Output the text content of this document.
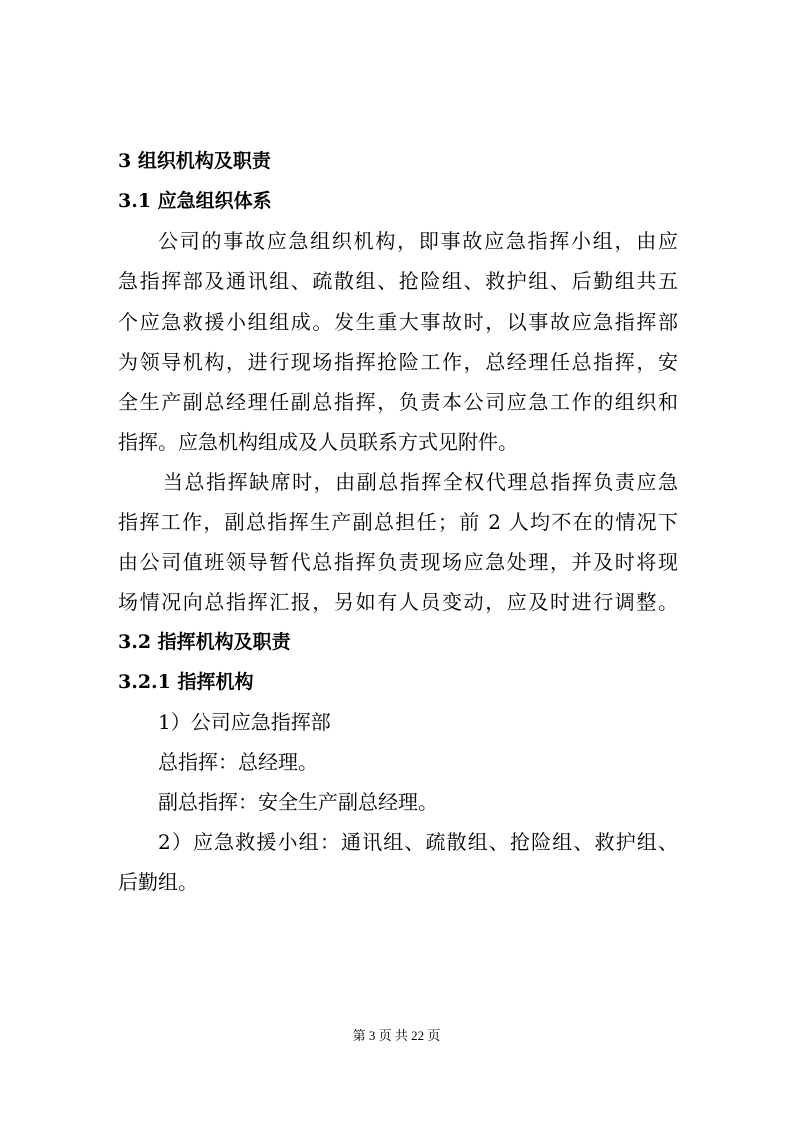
3 组织机构及职责
3.1 应急组织体系
公司的事故应急组织机构，即事故应急指挥小组，由应
急指挥部及通讯组、疏散组、抢险组、救护组、后勤组共五
个应急救援小组组成。发生重大事故时，以事故应急指挥部
为领导机构，进行现场指挥抢险工作，总经理任总指挥，安
全生产副总经理任副总指挥，负责本公司应急工作的组织和
指挥。应急机构组成及人员联系方式见附件。
当总指挥缺席时，由副总指挥全权代理总指挥负责应急
指挥工作，副总指挥生产副总担任；前 2 人均不在的情况下
由公司值班领导暂代总指挥负责现场应急处理，并及时将现
场情况向总指挥汇报，另如有人员变动，应及时进行调整。
3.2 指挥机构及职责
3.2.1 指挥机构
1）公司应急指挥部
总指挥：总经理。
副总指挥：安全生产副总经理。
2）应急救援小组：通讯组、疏散组、抢险组、救护组、
后勤组。
第 3 页 共 22 页
